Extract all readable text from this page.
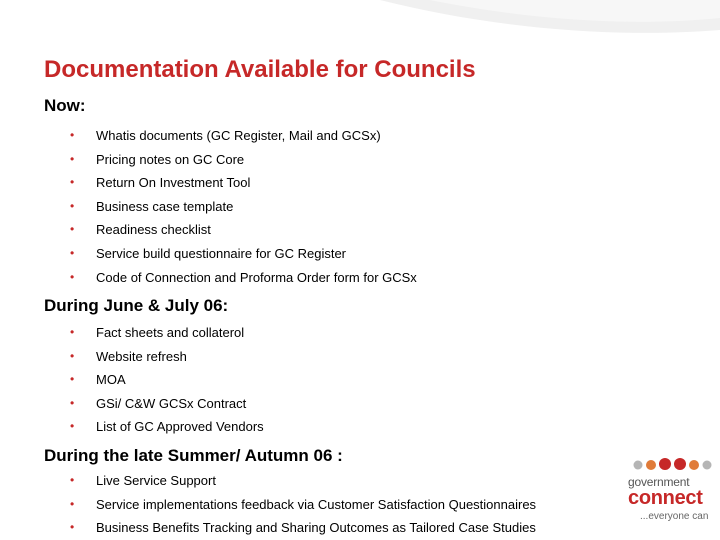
Documentation Available for Councils
Now:
•	Whatis documents (GC Register, Mail and GCSx)
•	Pricing notes on GC Core
•	Return On Investment Tool
•	Business case template
•	Readiness checklist
•	Service build questionnaire for GC Register
•	Code of Connection and Proforma Order form for GCSx
During June & July 06:
•	Fact sheets and collaterol
•	Website refresh
•	MOA
•	GSi/ C&W GCSx Contract
•	List of GC Approved Vendors
During the late Summer/ Autumn 06 :
•	Live Service Support
•	Service implementations feedback via Customer Satisfaction Questionnaires
•	Business Benefits Tracking and Sharing Outcomes as Tailored Case Studies
government
connect
...everyone can
